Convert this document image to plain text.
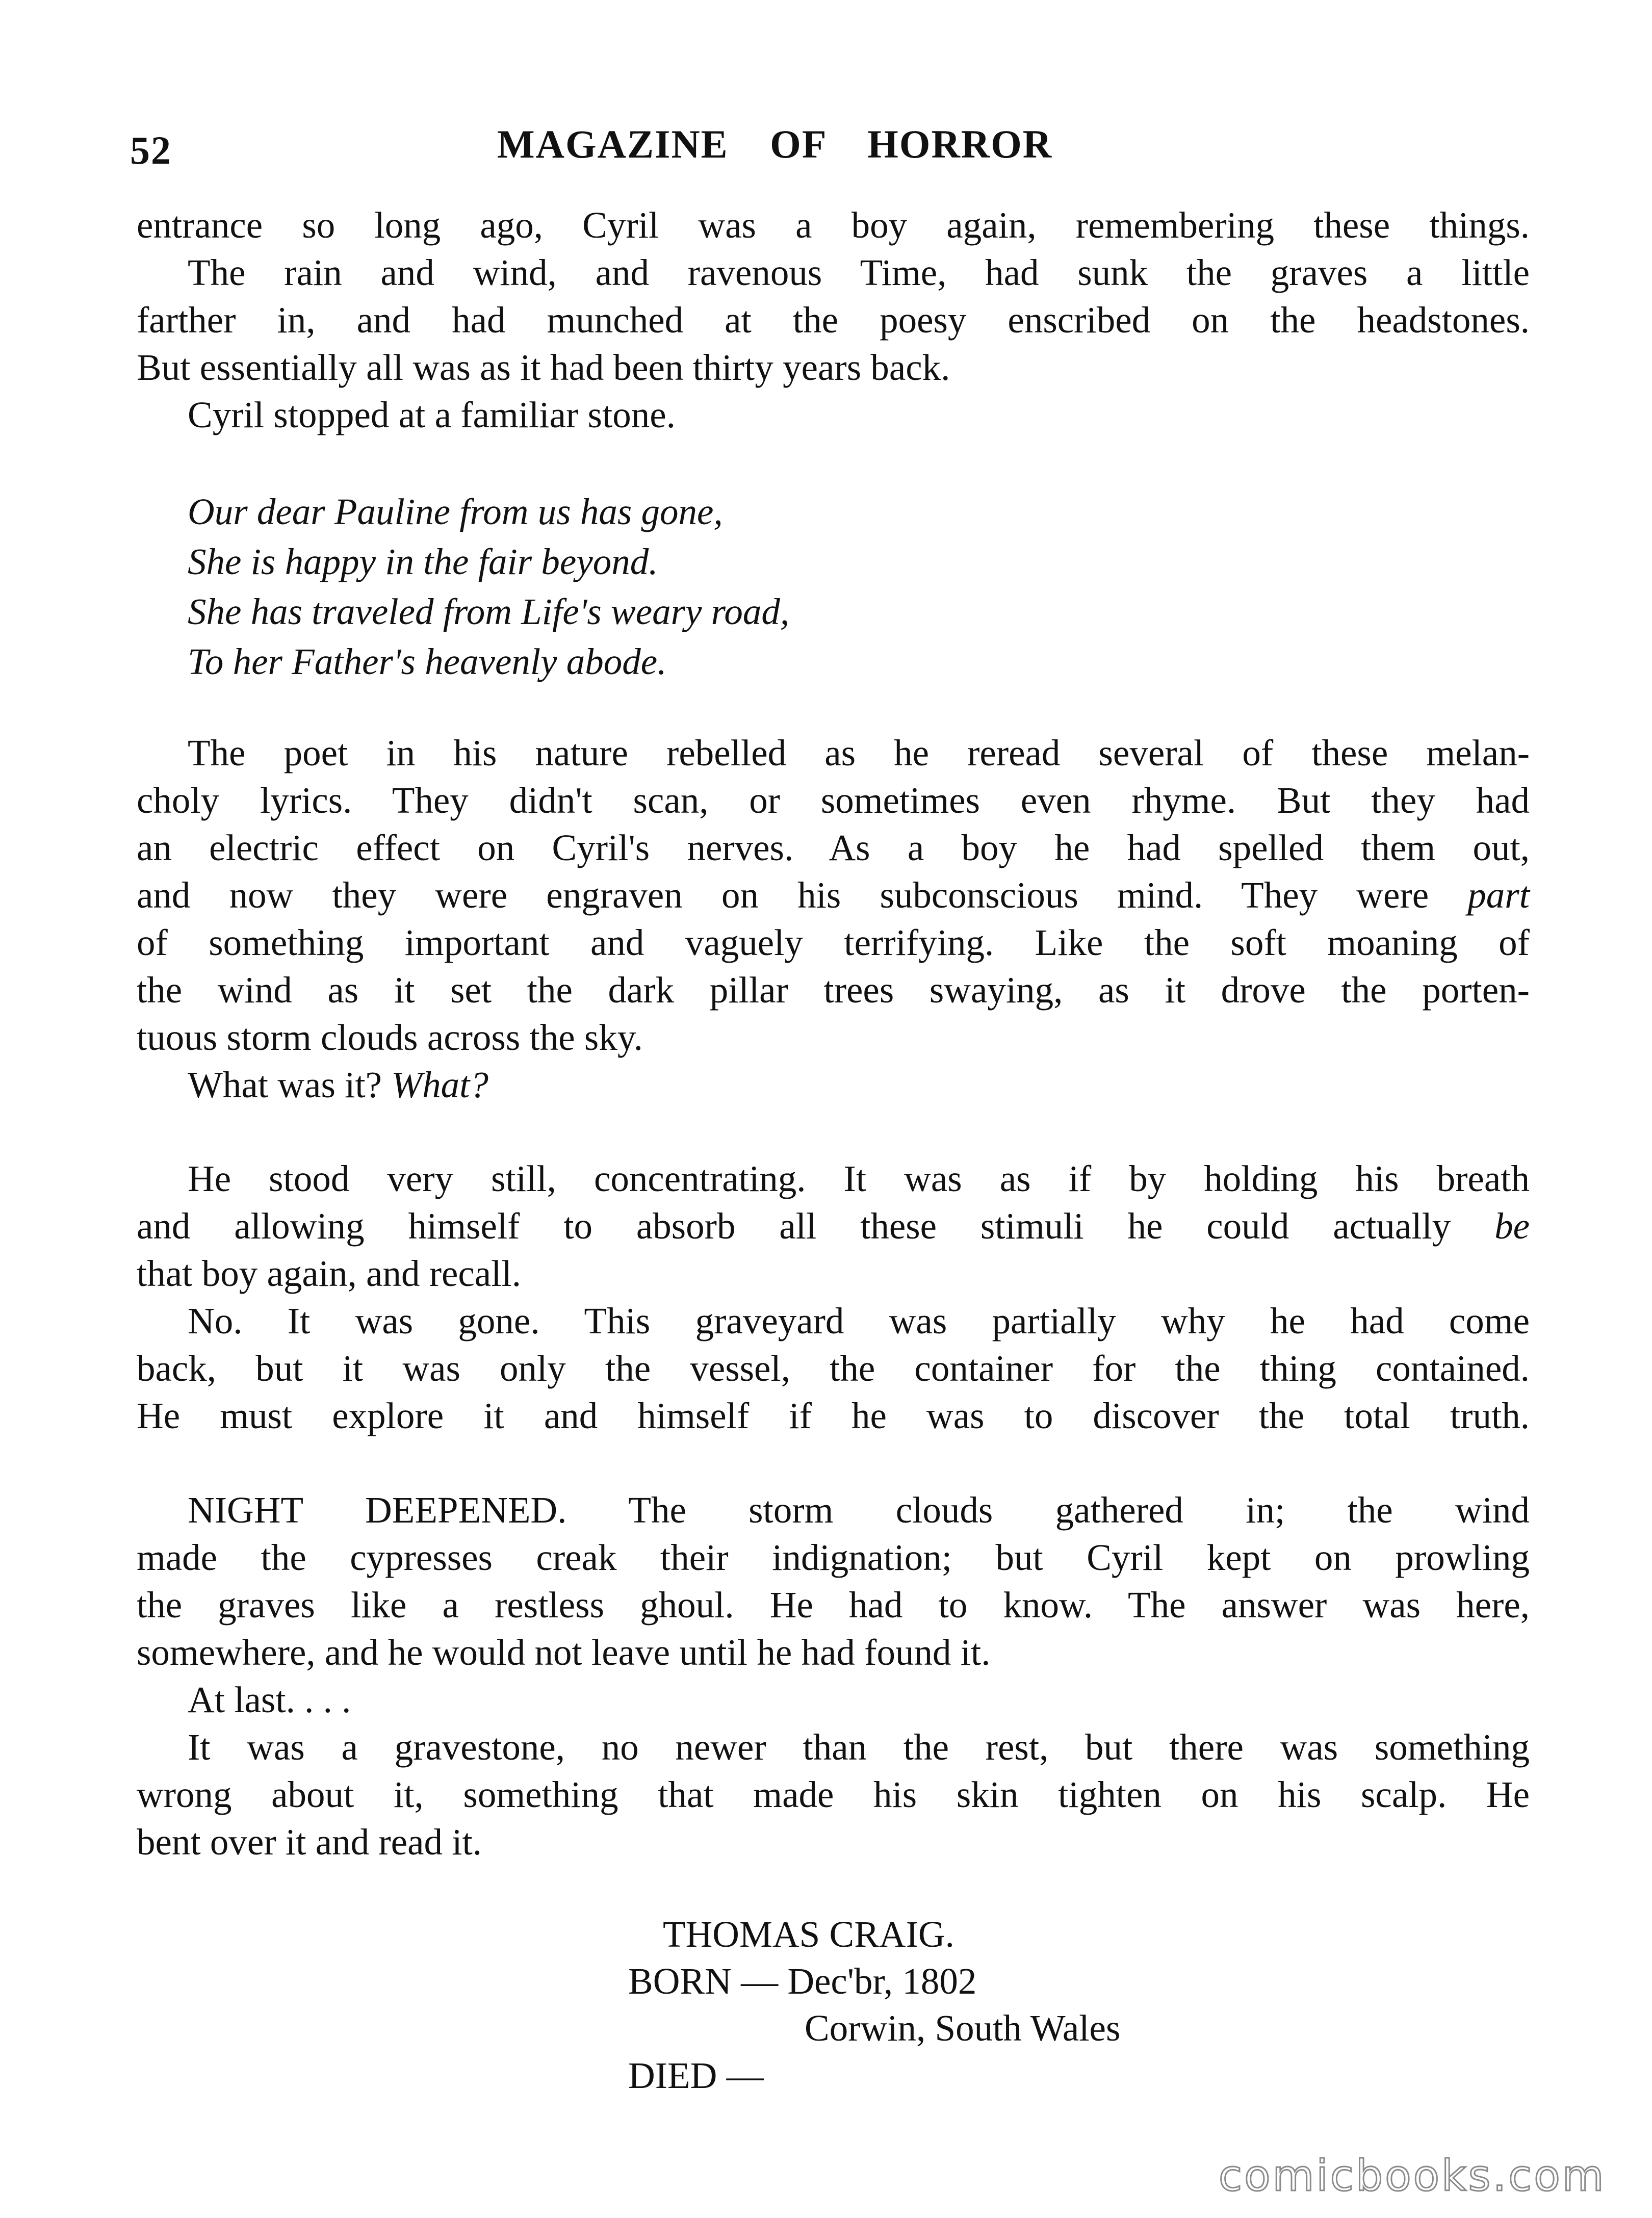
52	MAGAZINE OF HORROR
entrance so long ago, Cyril was a boy again, remembering these things.
The rain and wind, and ravenous Time, had sunk the graves a little
farther in, and had munched at the poesy enscribed on the headstones.
But essentially all was as it had been thirty years back.
Cyril stopped at a familiar stone.
Our dear Pauline from us has gone,
She is happy in the fair beyond.
She has traveled from Life's weary road,
To her Father's heavenly abode.
The poet in his nature rebelled as he reread several of these melan-
choly lyrics. They didn't scan, or sometimes even rhyme. But they had
an electric effect on Cyril's nerves. As a boy he had spelled them out,
and now they were engraven on his subconscious mind. They were part
of something important and vaguely terrifying. Like the soft moaning of
the wind as it set the dark pillar trees swaying, as it drove the porten-
tuous storm clouds across the sky.
What was it? What?
He stood very still, concentrating. It was as if by holding his breath
and allowing himself to absorb all these stimuli he could actually be
that boy again, and recall.
No. It was gone. This graveyard was partially why he had come
back, but it was only the vessel, the container for the thing contained.
He must explore it and himself if he was to discover the total truth.
NIGHT DEEPENED. The storm clouds gathered in; the wind
made the cypresses creak their indignation; but Cyril kept on prowling
the graves like a restless ghoul. He had to know. The answer was here,
somewhere, and he would not leave until he had found it.
At last. . . .
It was a gravestone, no newer than the rest, but there was something
wrong about it, something that made his skin tighten on his scalp. He
bent over it and read it.
THOMAS CRAIG.
BORN — Dec'br, 1802
Corwin, South Wales
DIED —
comicbooks.com
